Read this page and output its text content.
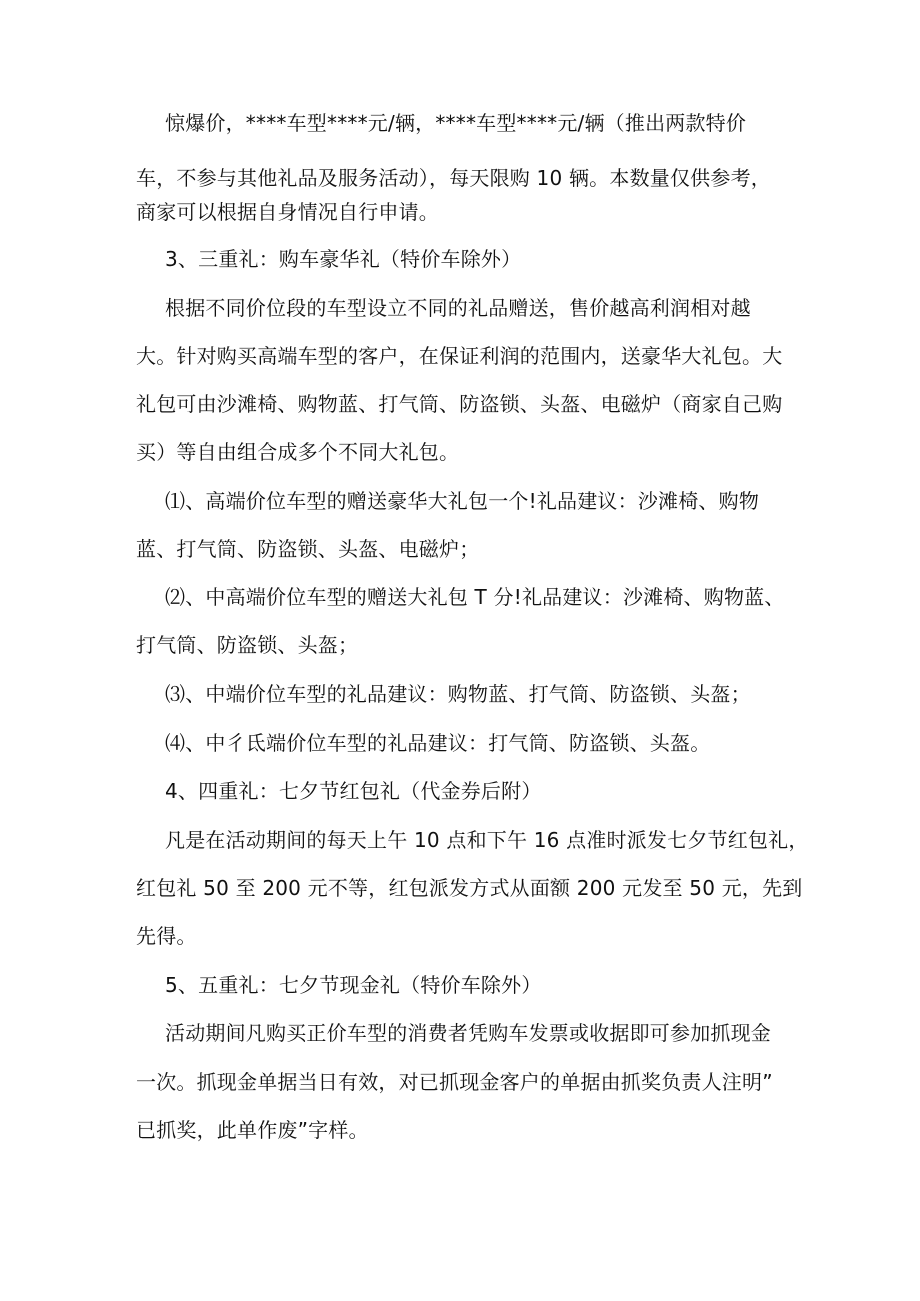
惊爆价，****车型****元/辆，****车型****元/辆（推出两款特价
车，不参与其他礼品及服务活动），每天限购 10 辆。本数量仅供参考，
商家可以根据自身情况自行申请。
3、三重礼：购车豪华礼（特价车除外）
根据不同价位段的车型设立不同的礼品赠送，售价越高利润相对越
大。针对购买高端车型的客户，在保证利润的范围内，送豪华大礼包。大
礼包可由沙滩椅、购物蓝、打气筒、防盗锁、头盔、电磁炉（商家自己购
买）等自由组合成多个不同大礼包。
⑴、高端价位车型的赠送豪华大礼包一个!礼品建议：沙滩椅、购物
蓝、打气筒、防盗锁、头盔、电磁炉；
⑵、中高端价位车型的赠送大礼包 T 分!礼品建议：沙滩椅、购物蓝、
打气筒、防盗锁、头盔；
⑶、中端价位车型的礼品建议：购物蓝、打气筒、防盗锁、头盔；
⑷、中彳氐端价位车型的礼品建议：打气筒、防盗锁、头盔。
4、四重礼：七夕节红包礼（代金券后附）
凡是在活动期间的每天上午 10 点和下午 16 点准时派发七夕节红包礼，
红包礼 50 至 200 元不等，红包派发方式从面额 200 元发至 50 元，先到
先得。
5、五重礼：七夕节现金礼（特价车除外）
活动期间凡购买正价车型的消费者凭购车发票或收据即可参加抓现金
一次。抓现金单据当日有效，对已抓现金客户的单据由抓奖负责人注明”
已抓奖，此单作废”字样。
